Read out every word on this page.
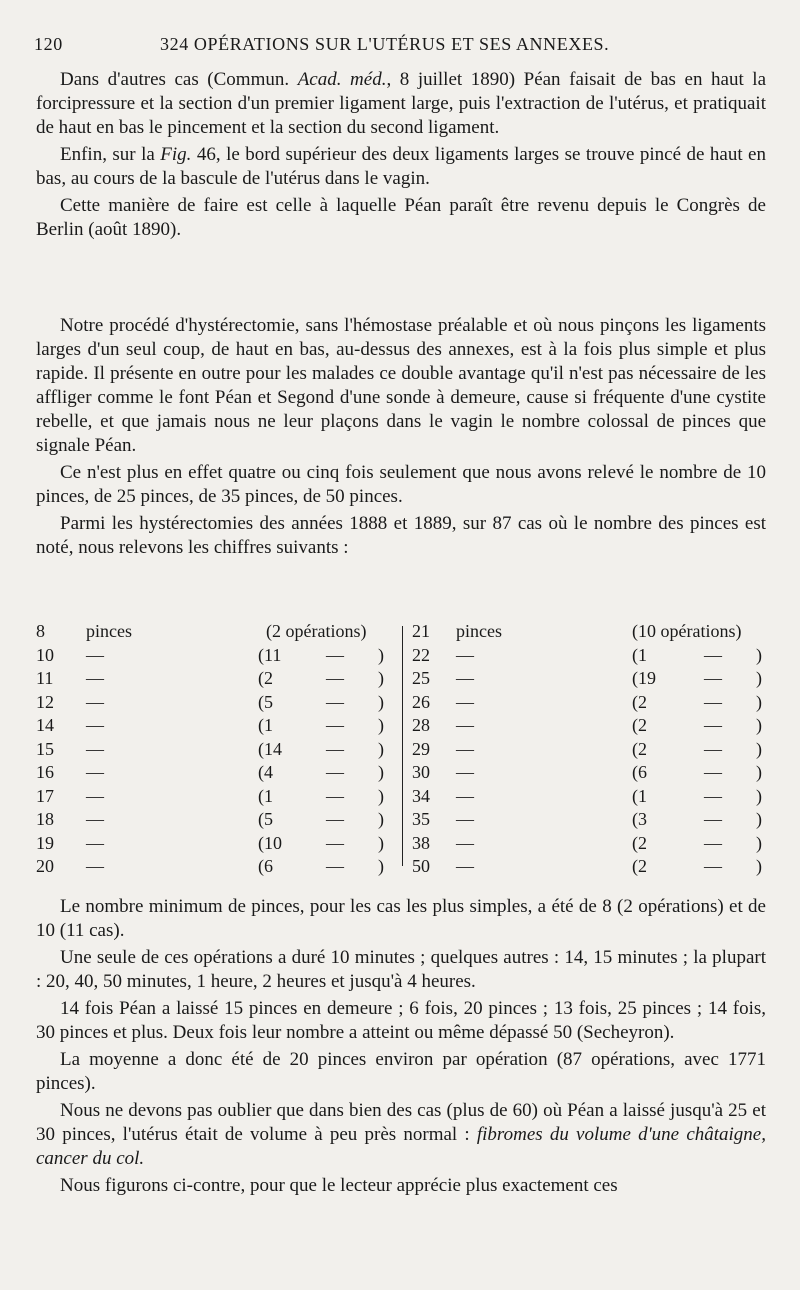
120	324 OPÉRATIONS SUR L'UTÉRUS ET SES ANNEXES.

Dans d'autres cas (Commun. Acad. méd., 8 juillet 1890) Péan faisait de bas en haut la forcipressure et la section d'un premier ligament large, puis l'extraction de l'utérus, et pratiquait de haut en bas le pincement et la section du second ligament.

Enfin, sur la Fig. 46, le bord supérieur des deux ligaments larges se trouve pincé de haut en bas, au cours de la bascule de l'utérus dans le vagin.

Cette manière de faire est celle à laquelle Péan paraît être revenu depuis le Congrès de Berlin (août 1890).

Notre procédé d'hystérectomie, sans l'hémostase préalable et où nous pinçons les ligaments larges d'un seul coup, de haut en bas, au-dessus des annexes, est à la fois plus simple et plus rapide. Il présente en outre pour les malades ce double avantage qu'il n'est pas nécessaire de les affliger comme le font Péan et Segond d'une sonde à demeure, cause si fréquente d'une cystite rebelle, et que jamais nous ne leur plaçons dans le vagin le nombre colossal de pinces que signale Péan.

Ce n'est plus en effet quatre ou cinq fois seulement que nous avons relevé le nombre de 10 pinces, de 25 pinces, de 35 pinces, de 50 pinces.

Parmi les hystérectomies des années 1888 et 1889, sur 87 cas où le nombre des pinces est noté, nous relevons les chiffres suivants :

8 pinces	(2 opérations)
10 —	(11 — )
11 —	(2	— )
12 —	(5	— )
14 —	(1	— )
15 —	(14 — )
16 —	(4	— )
17 —	(1	— )
18 —	(5	— )
19 —	(10 — )
20 —	(6	— )
21 pinces	(10 opérations)
22 —	(1	— )
25 —	(19	— )
26 —	(2	— )
28 —	(2	— )
29 —	(2	— )
30 —	(6	— )
34 —	(1	— )
35 —	(3	— )
38 —	(2	— )
50 —	(2	— )

Le nombre minimum de pinces, pour les cas les plus simples, a été de 8 (2 opérations) et de 10 (11 cas).

Une seule de ces opérations a duré 10 minutes ; quelques autres : 14, 15 minutes ; la plupart : 20, 40, 50 minutes, 1 heure, 2 heures et jusqu'à 4 heures.

14 fois Péan a laissé 15 pinces en demeure ; 6 fois, 20 pinces ; 13 fois, 25 pinces ; 14 fois, 30 pinces et plus. Deux fois leur nombre a atteint ou même dépassé 50 (Secheyron).

La moyenne a donc été de 20 pinces environ par opération (87 opérations, avec 1771 pinces).

Nous ne devons pas oublier que dans bien des cas (plus de 60) où Péan a laissé jusqu'à 25 et 30 pinces, l'utérus était de volume à peu près normal : fibromes du volume d'une châtaigne, cancer du col.

Nous figurons ci-contre, pour que le lecteur apprécie plus exactement ces
